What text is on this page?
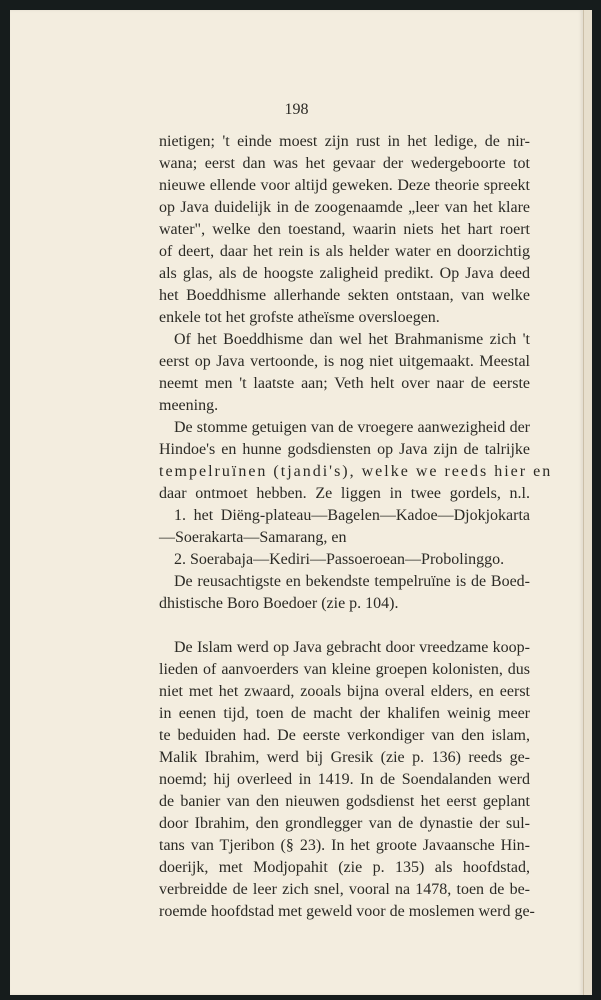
198
nietigen; 't einde moest zijn rust in het ledige, de nir-
wana; eerst dan was het gevaar der wedergeboorte tot
nieuwe ellende voor altijd geweken. Deze theorie spreekt
op Java duidelijk in de zoogenaamde „leer van het klare
water", welke den toestand, waarin niets het hart roert
of deert, daar het rein is als helder water en doorzichtig
als glas, als de hoogste zaligheid predikt. Op Java deed
het Boeddhisme allerhande sekten ontstaan, van welke
enkele tot het grofste atheïsme oversloegen.
Of het Boeddhisme dan wel het Brahmanisme zich 't
eerst op Java vertoonde, is nog niet uitgemaakt. Meestal
neemt men 't laatste aan; Veth helt over naar de eerste
meening.
De stomme getuigen van de vroegere aanwezigheid der
Hindoe's en hunne godsdiensten op Java zijn de talrijke
tempelruïnen (tjandi's), welke we reeds hier en
daar ontmoet hebben. Ze liggen in twee gordels, n.l.
1. het Diëng-plateau—Bagelen—Kadoe—Djokjokarta
—Soerakarta—Samarang, en
2. Soerabaja—Kediri—Passoeroean—Probolinggo.
De reusachtigste en bekendste tempelruïne is de Boed-
dhistische Boro Boedoer (zie p. 104).
De Islam werd op Java gebracht door vreedzame koop-
lieden of aanvoerders van kleine groepen kolonisten, dus
niet met het zwaard, zooals bijna overal elders, en eerst
in eenen tijd, toen de macht der khalifen weinig meer
te beduiden had. De eerste verkondiger van den islam,
Malik Ibrahim, werd bij Gresik (zie p. 136) reeds ge-
noemd; hij overleed in 1419. In de Soendalanden werd
de banier van den nieuwen godsdienst het eerst geplant
door Ibrahim, den grondlegger van de dynastie der sul-
tans van Tjeribon (§ 23). In het groote Javaansche Hin-
doerijk, met Modjopahit (zie p. 135) als hoofdstad,
verbreidde de leer zich snel, vooral na 1478, toen de be-
roemde hoofdstad met geweld voor de moslemen werd ge-
